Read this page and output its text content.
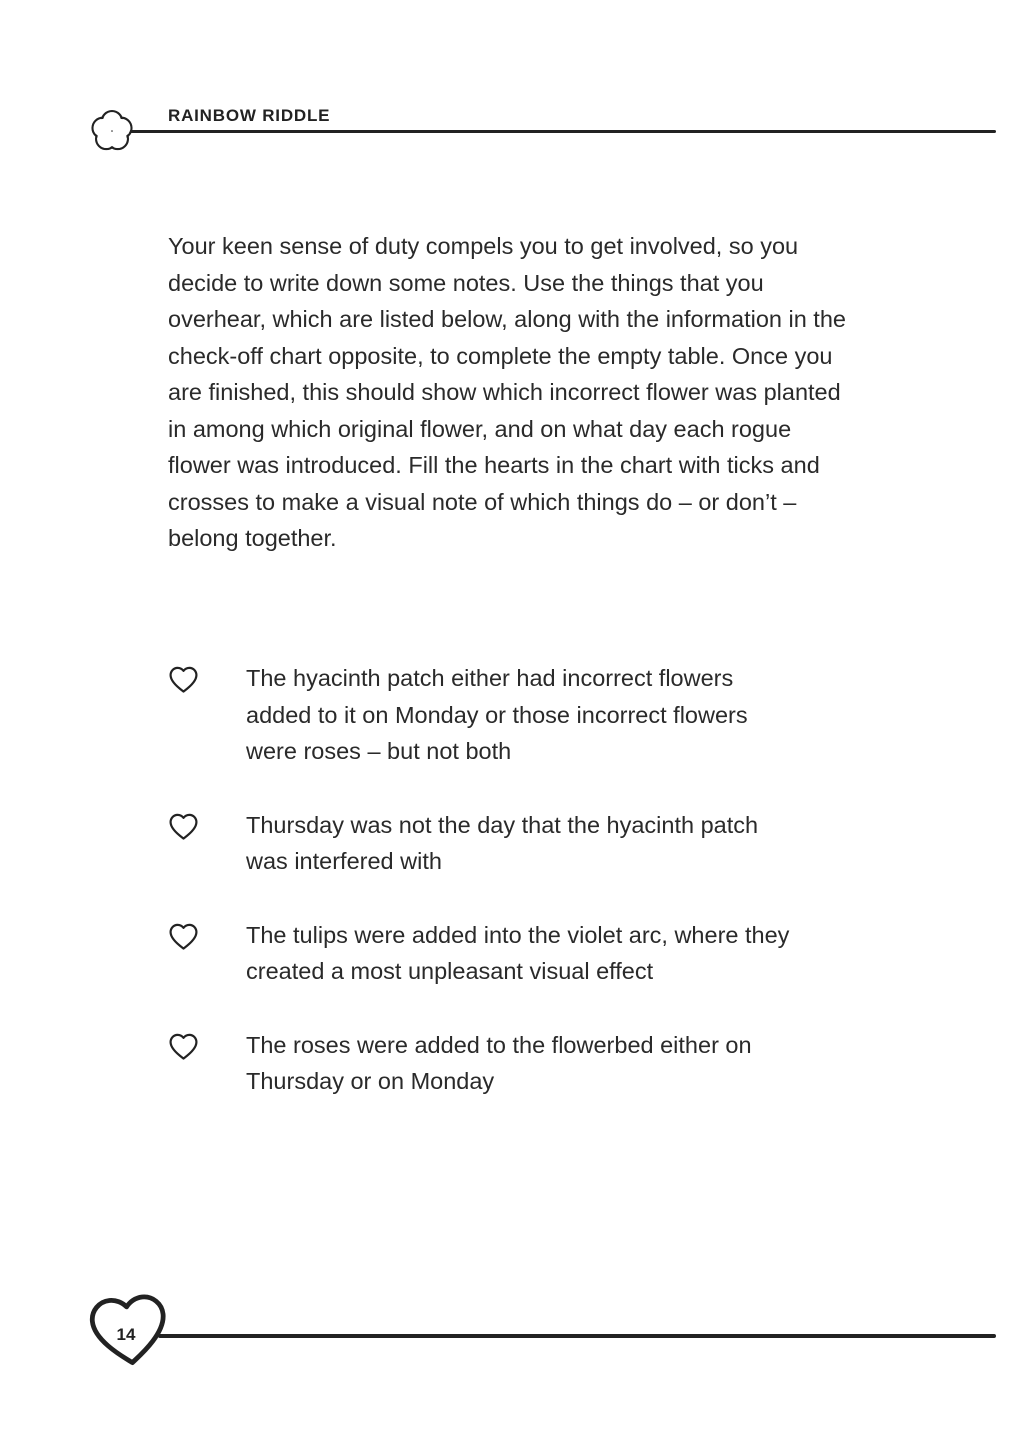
RAINBOW RIDDLE
Your keen sense of duty compels you to get involved, so you decide to write down some notes. Use the things that you overhear, which are listed below, along with the information in the check-off chart opposite, to complete the empty table. Once you are finished, this should show which incorrect flower was planted in among which original flower, and on what day each rogue flower was introduced. Fill the hearts in the chart with ticks and crosses to make a visual note of which things do – or don’t – belong together.
The hyacinth patch either had incorrect flowers added to it on Monday or those incorrect flowers were roses – but not both
Thursday was not the day that the hyacinth patch was interfered with
The tulips were added into the violet arc, where they created a most unpleasant visual effect
The roses were added to the flowerbed either on Thursday or on Monday
14
